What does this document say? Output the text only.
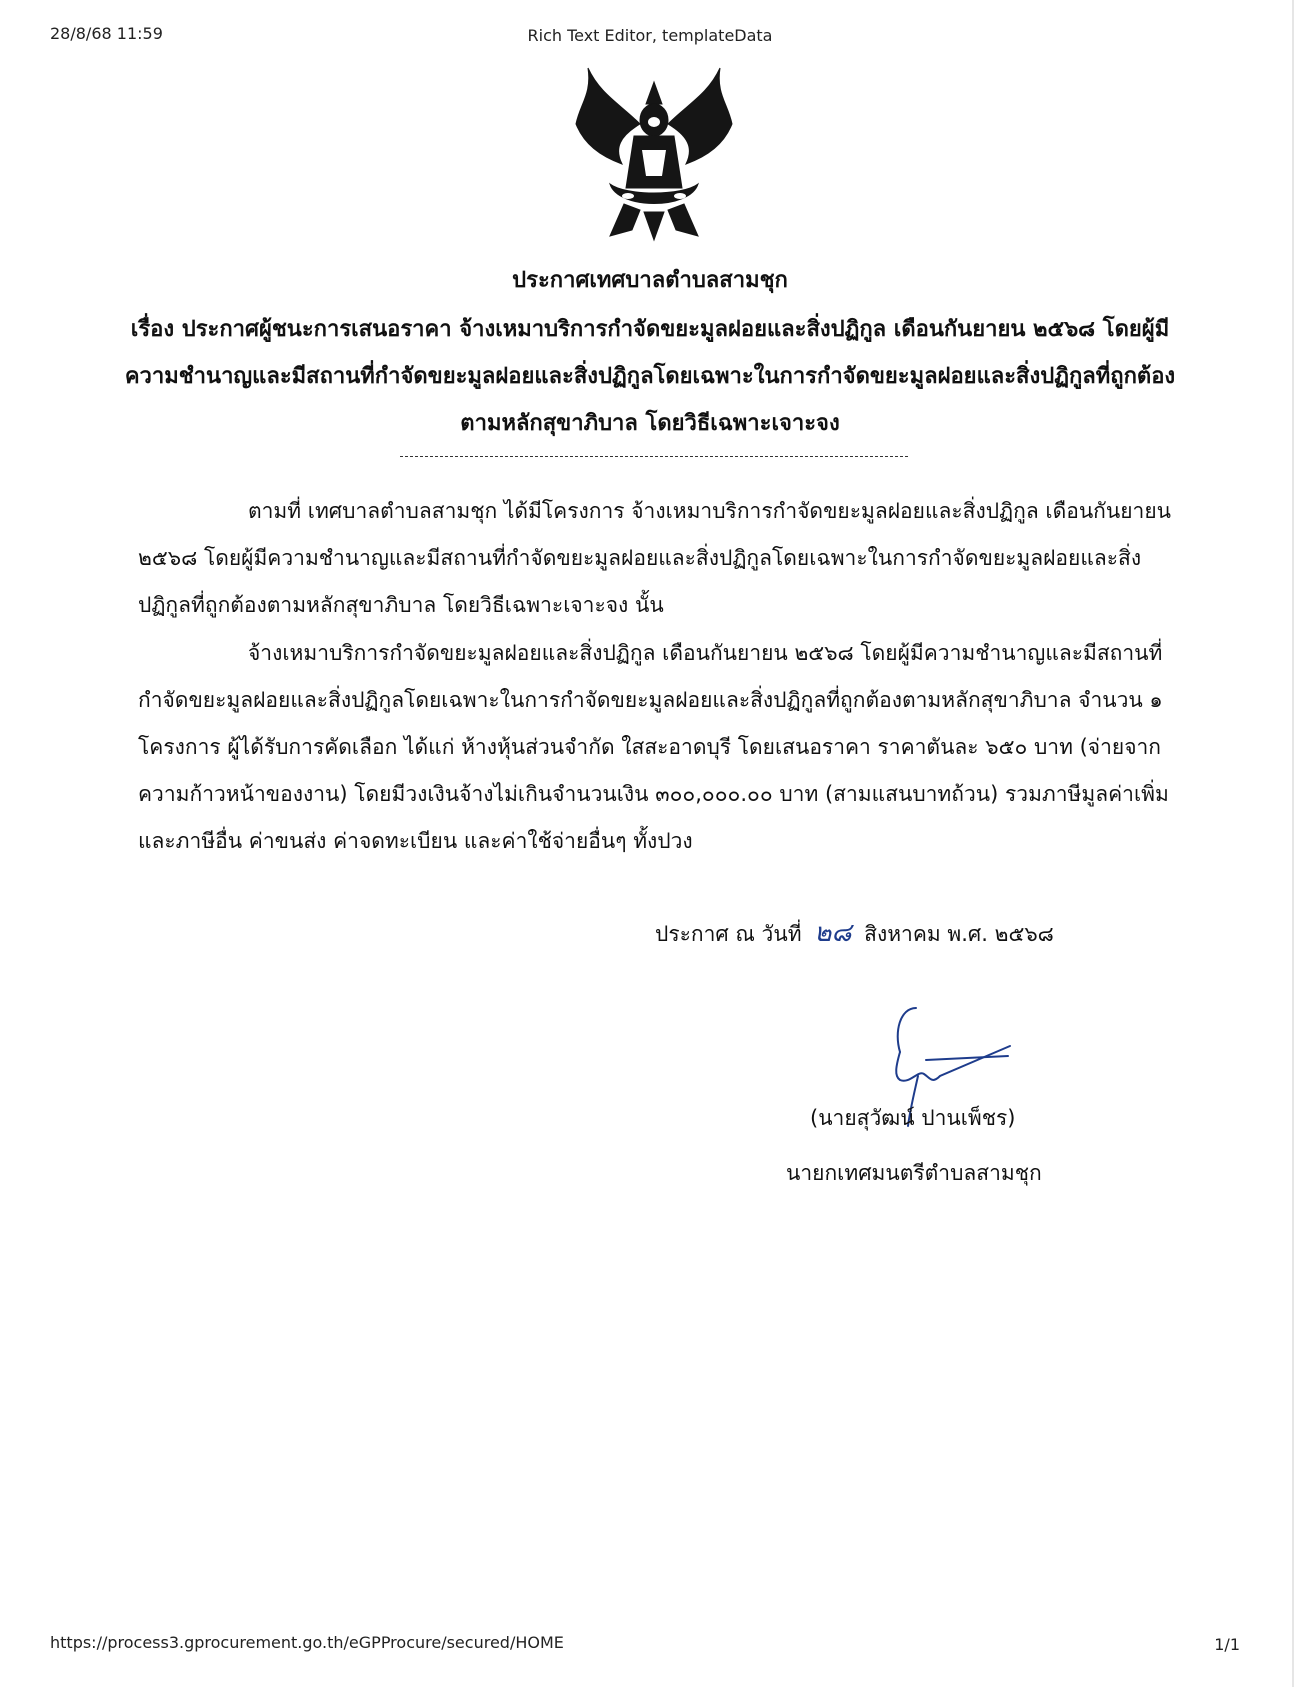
28/8/68 11:59	Rich Text Editor, templateData
ประกาศเทศบาลตำบลสามชุก
เรื่อง ประกาศผู้ชนะการเสนอราคา จ้างเหมาบริการกำจัดขยะมูลฝอยและสิ่งปฏิกูล เดือนกันยายน ๒๕๖๘ โดยผู้มีความชำนาญและมีสถานที่กำจัดขยะมูลฝอยและสิ่งปฏิกูลโดยเฉพาะในการกำจัดขยะมูลฝอยและสิ่งปฏิกูลที่ถูกต้องตามหลักสุขาภิบาล โดยวิธีเฉพาะเจาะจง
ตามที่ เทศบาลตำบลสามชุก ได้มีโครงการ จ้างเหมาบริการกำจัดขยะมูลฝอยและสิ่งปฏิกูล เดือนกันยายน ๒๕๖๘ โดยผู้มีความชำนาญและมีสถานที่กำจัดขยะมูลฝอยและสิ่งปฏิกูลโดยเฉพาะในการกำจัดขยะมูลฝอยและสิ่งปฏิกูลที่ถูกต้องตามหลักสุขาภิบาล โดยวิธีเฉพาะเจาะจง นั้น
จ้างเหมาบริการกำจัดขยะมูลฝอยและสิ่งปฏิกูล เดือนกันยายน ๒๕๖๘ โดยผู้มีความชำนาญและมีสถานที่กำจัดขยะมูลฝอยและสิ่งปฏิกูลโดยเฉพาะในการกำจัดขยะมูลฝอยและสิ่งปฏิกูลที่ถูกต้องตามหลักสุขาภิบาล จำนวน ๑ โครงการ ผู้ได้รับการคัดเลือก ได้แก่ ห้างหุ้นส่วนจำกัด ใสสะอาดบุรี โดยเสนอราคา ราคาตันละ ๖๕๐ บาท (จ่ายจากความก้าวหน้าของงาน) โดยมีวงเงินจ้างไม่เกินจำนวนเงิน ๓๐๐,๐๐๐.๐๐ บาท (สามแสนบาทถ้วน) รวมภาษีมูลค่าเพิ่มและภาษีอื่น ค่าขนส่ง ค่าจดทะเบียน และค่าใช้จ่ายอื่นๆ ทั้งปวง
ประกาศ ณ วันที่ ๒๘ สิงหาคม พ.ศ. ๒๕๖๘
(นายสุวัฒน์ ปานเพ็ชร)
นายกเทศมนตรีตำบลสามชุก
https://process3.gprocurement.go.th/eGPProcure/secured/HOME	1/1
